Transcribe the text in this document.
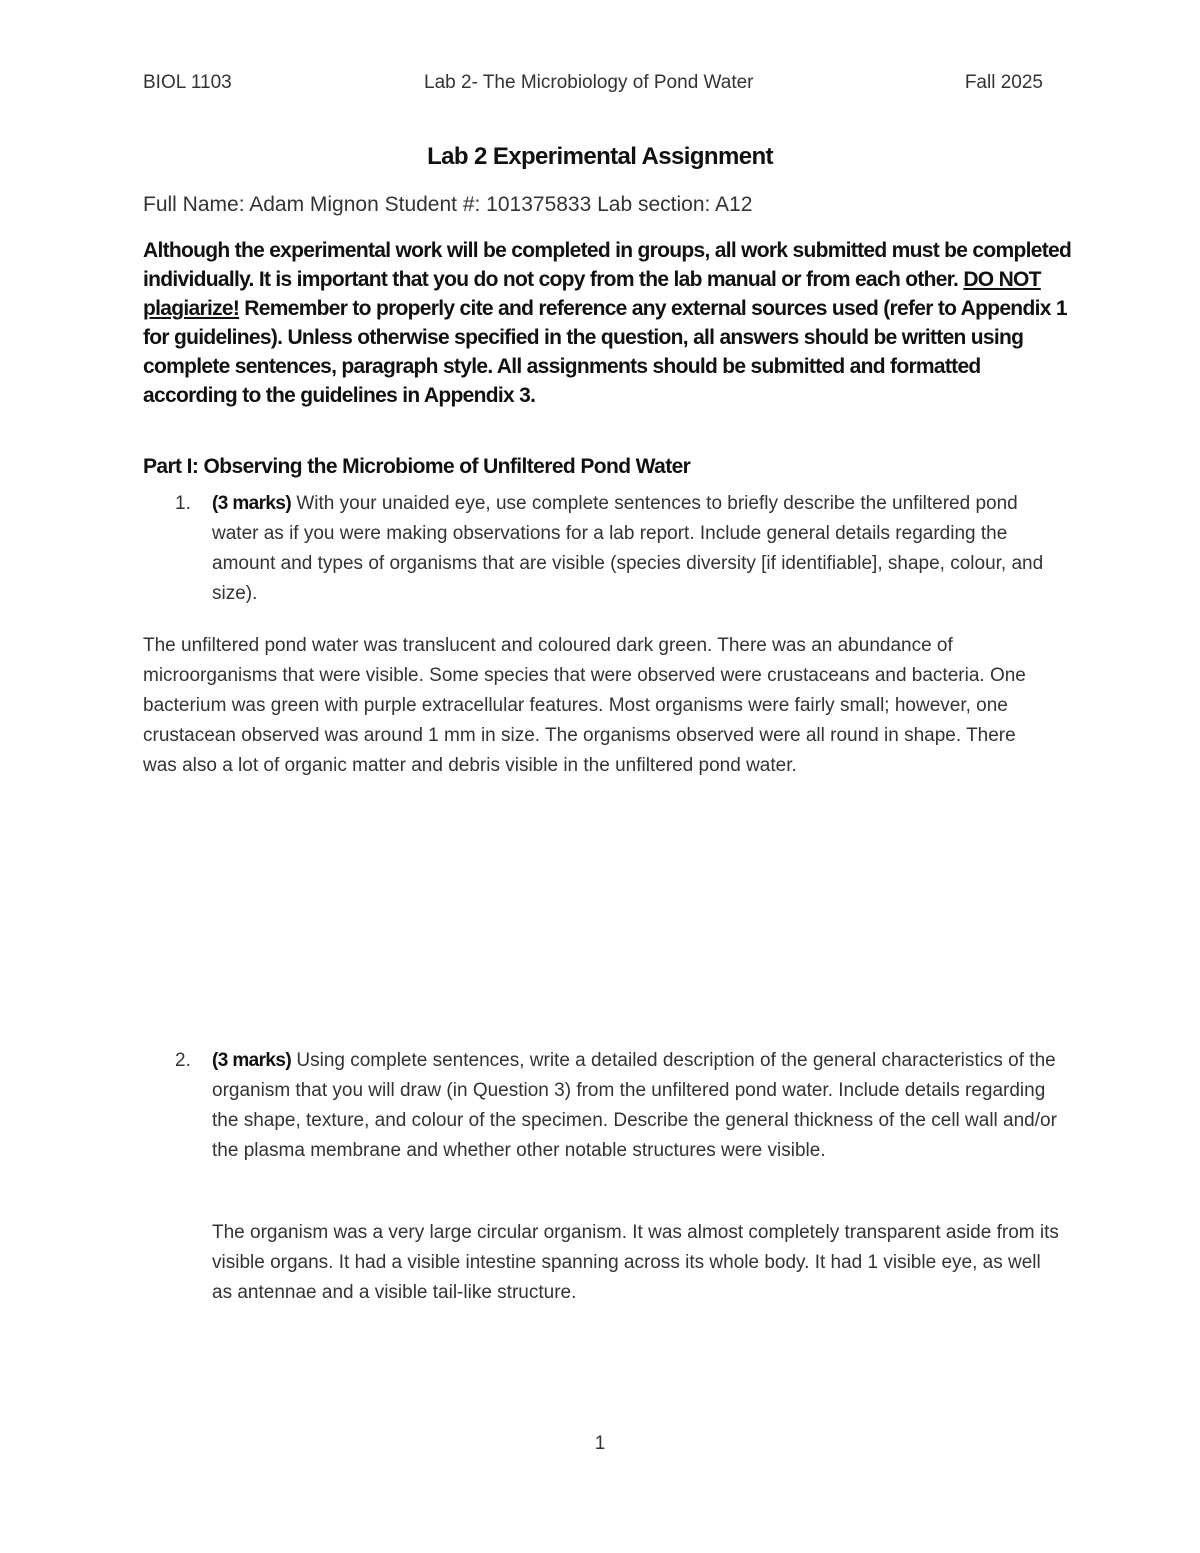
BIOL 1103	Lab 2- The Microbiology of Pond Water	Fall 2025
Lab 2 Experimental Assignment
Full Name: Adam Mignon Student #: 101375833 Lab section: A12
Although the experimental work will be completed in groups, all work submitted must be completed individually. It is important that you do not copy from the lab manual or from each other. DO NOT plagiarize! Remember to properly cite and reference any external sources used (refer to Appendix 1 for guidelines). Unless otherwise specified in the question, all answers should be written using complete sentences, paragraph style. All assignments should be submitted and formatted according to the guidelines in Appendix 3.
Part I: Observing the Microbiome of Unfiltered Pond Water
1. (3 marks) With your unaided eye, use complete sentences to briefly describe the unfiltered pond water as if you were making observations for a lab report. Include general details regarding the amount and types of organisms that are visible (species diversity [if identifiable], shape, colour, and size).
The unfiltered pond water was translucent and coloured dark green. There was an abundance of microorganisms that were visible. Some species that were observed were crustaceans and bacteria. One bacterium was green with purple extracellular features. Most organisms were fairly small; however, one crustacean observed was around 1 mm in size. The organisms observed were all round in shape. There was also a lot of organic matter and debris visible in the unfiltered pond water.
2. (3 marks) Using complete sentences, write a detailed description of the general characteristics of the organism that you will draw (in Question 3) from the unfiltered pond water. Include details regarding the shape, texture, and colour of the specimen. Describe the general thickness of the cell wall and/or the plasma membrane and whether other notable structures were visible.
The organism was a very large circular organism. It was almost completely transparent aside from its visible organs. It had a visible intestine spanning across its whole body. It had 1 visible eye, as well as antennae and a visible tail-like structure.
1
